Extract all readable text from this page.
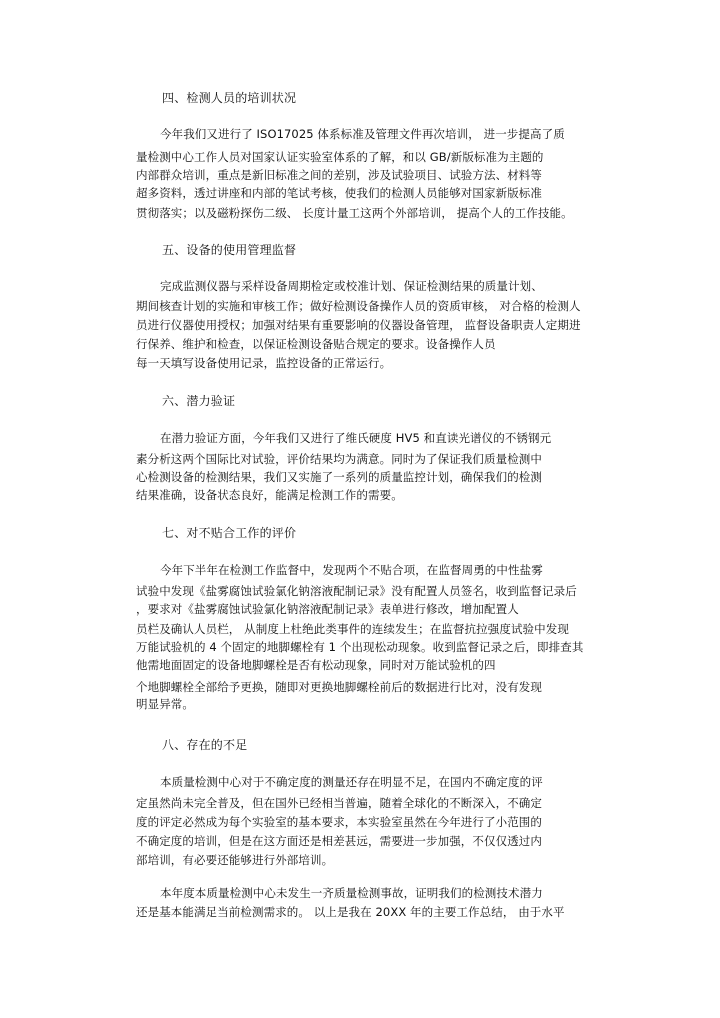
四、检测人员的培训状况
今年我们又进行了 ISO17025 体系标准及管理文件再次培训， 进一步提高了质
量检测中心工作人员对国家认证实验室体系的了解，和以 GB/新版标准为主题的
内部群众培训，重点是新旧标准之间的差别，涉及试验项目、试验方法、材料等
超多资料，透过讲座和内部的笔试考核，使我们的检测人员能够对国家新版标准
贯彻落实；以及磁粉探伤二级、 长度计量工这两个外部培训， 提高个人的工作技能。
五、设备的使用管理监督
完成监测仪器与采样设备周期检定或校准计划、保证检测结果的质量计划、
期间核查计划的实施和审核工作；做好检测设备操作人员的资质审核， 对合格的检测人
员进行仪器使用授权；加强对结果有重要影响的仪器设备管理， 监督设备职责人定期进
行保养、维护和检查，以保证检测设备贴合规定的要求。设备操作人员
每一天填写设备使用记录，监控设备的正常运行。
六、潜力验证
在潜力验证方面，今年我们又进行了维氏硬度 HV5 和直读光谱仪的不锈钢元
素分析这两个国际比对试验，评价结果均为满意。同时为了保证我们质量检测中
心检测设备的检测结果，我们又实施了一系列的质量监控计划，确保我们的检测
结果准确，设备状态良好，能满足检测工作的需要。
七、对不贴合工作的评价
今年下半年在检测工作监督中，发现两个不贴合项，在监督周勇的中性盐雾
试验中发现《盐雾腐蚀试验氯化钠溶液配制记录》没有配置人员签名，收到监督记录后
，要求对《盐雾腐蚀试验氯化钠溶液配制记录》表单进行修改，增加配置人
员栏及确认人员栏， 从制度上杜绝此类事件的连续发生；在监督抗拉强度试验中发现
万能试验机的 4 个固定的地脚螺栓有 1 个出现松动现象。收到监督记录之后，即排查其
他需地面固定的设备地脚螺栓是否有松动现象，同时对万能试验机的四
个地脚螺栓全部给予更换，随即对更换地脚螺栓前后的数据进行比对，没有发现
明显异常。
八、存在的不足
本质量检测中心对于不确定度的测量还存在明显不足，在国内不确定度的评
定虽然尚未完全普及，但在国外已经相当普遍，随着全球化的不断深入，不确定
度的评定必然成为每个实验室的基本要求，本实验室虽然在今年进行了小范围的
不确定度的培训，但是在这方面还是相差甚远，需要进一步加强，不仅仅透过内
部培训，有必要还能够进行外部培训。
本年度本质量检测中心未发生一齐质量检测事故，证明我们的检测技术潜力
还是基本能满足当前检测需求的。 以上是我在 20XX 年的主要工作总结， 由于水平
